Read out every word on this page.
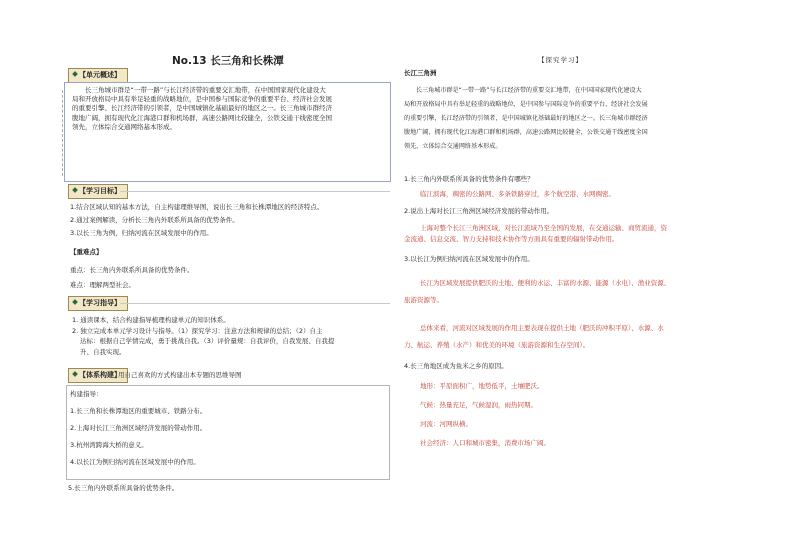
No.13 长三角和长株潭
【单元概述】
长三角城市群是“一带一路”与长江经济带的重要交汇地带，在中国国家现代化建设大
局和开放格局中具有举足轻重的战略地位，是中国参与国际竞争的重要平台、经济社会发展
的重要引擎、长江经济带的引领者，是中国城镇化基础最好的地区之一。长三角城市群经济
腹地广阔，拥有现代化江海港口群和机场群，高速公路网比较健全，公铁交通干线密度全国
领先，立体综合交通网络基本形成。
【学习目标】
1.结合区域认知的基本方法，自主构建理维导图，说出长三角和长株潭地区的经济特点。
2.通过案例解读，分析长三角内外联系所具备的优势条件。
3.以长三角为例，归纳河流在区域发展中的作用。
【重难点】
重点：长三角内外联系所具备的优势条件。
难点：理解两型社会。
【学习指导】
1. 通读课本，结合构建指导梳理构建单元的知识体系。
2. 独立完成本单元学习设计与指导。（1）探究学习：注意方法和规律的总结；（2）自主
达标：根据自己学情完成，勇于挑战自我。（3）评价量规：自我评价，自我发展、自我提
升、自我实现。
【体系构建】
用自己喜欢的方式构建出本专题的思维导图
构建指导：
1.长三角和长株潭地区的重要城市、铁路分布。
2.上海对长江三角洲区域经济发展的带动作用。
3.杭州湾跨海大桥的意义。
4.以长江为例归纳河流在区域发展中的作用。
5.长三角内外联系所具备的优势条件。
【探究学习】
长江三角洲
长三角城市群是“一带一路”与长江经济带的重要交汇地带，在中国国家现代化建设大
局和开放格局中具有举足轻重的战略地位，是中国参与国际竞争的重要平台、经济社会发展
的重要引擎，长江经济带的引领者，是中国城镇化基础最好的地区之一。长三角城市群经济
腹地广阔，拥有现代化江海港口群和机场群，高速公路网比较健全，公铁交通干线密度全国
领先，立体综合交通网络基本形成。
1.长三角内外联系所具备的优势条件有哪些？
临江滨海，稠密的公路网、多条铁路穿过，多个航空港、水网稠密。
2.说出上海对长江三角洲区域经济发展的带动作用。
上海对整个长江三角洲区域，对长江流域乃至全国的发展，在交通运输、商贸流通，资
金流通、信息交流、智力支持和技术协作等方面具有重要的辐射带动作用。
3.以长江为例归纳河流在区域发展中的作用。
长江为区域发展提供肥沃的土地、便利的水运、丰富的水源、能源（水电）、渔业资源、
旅游资源等。
总体来看，河流对区域发展的作用主要表现在提供土地（肥沃的冲积平原）、水源、水
力、航运、养殖（水产）和优美的环境（旅游资源和生存空间）。
4.长三角地区成为鱼米之乡的原因。
地形：平原面积广，地势低平，土壤肥沃。
气候：热量充足，气候湿润，雨热同期。
河流：河网纵横。
社会经济：人口和城市密集，消费市场广阔。
